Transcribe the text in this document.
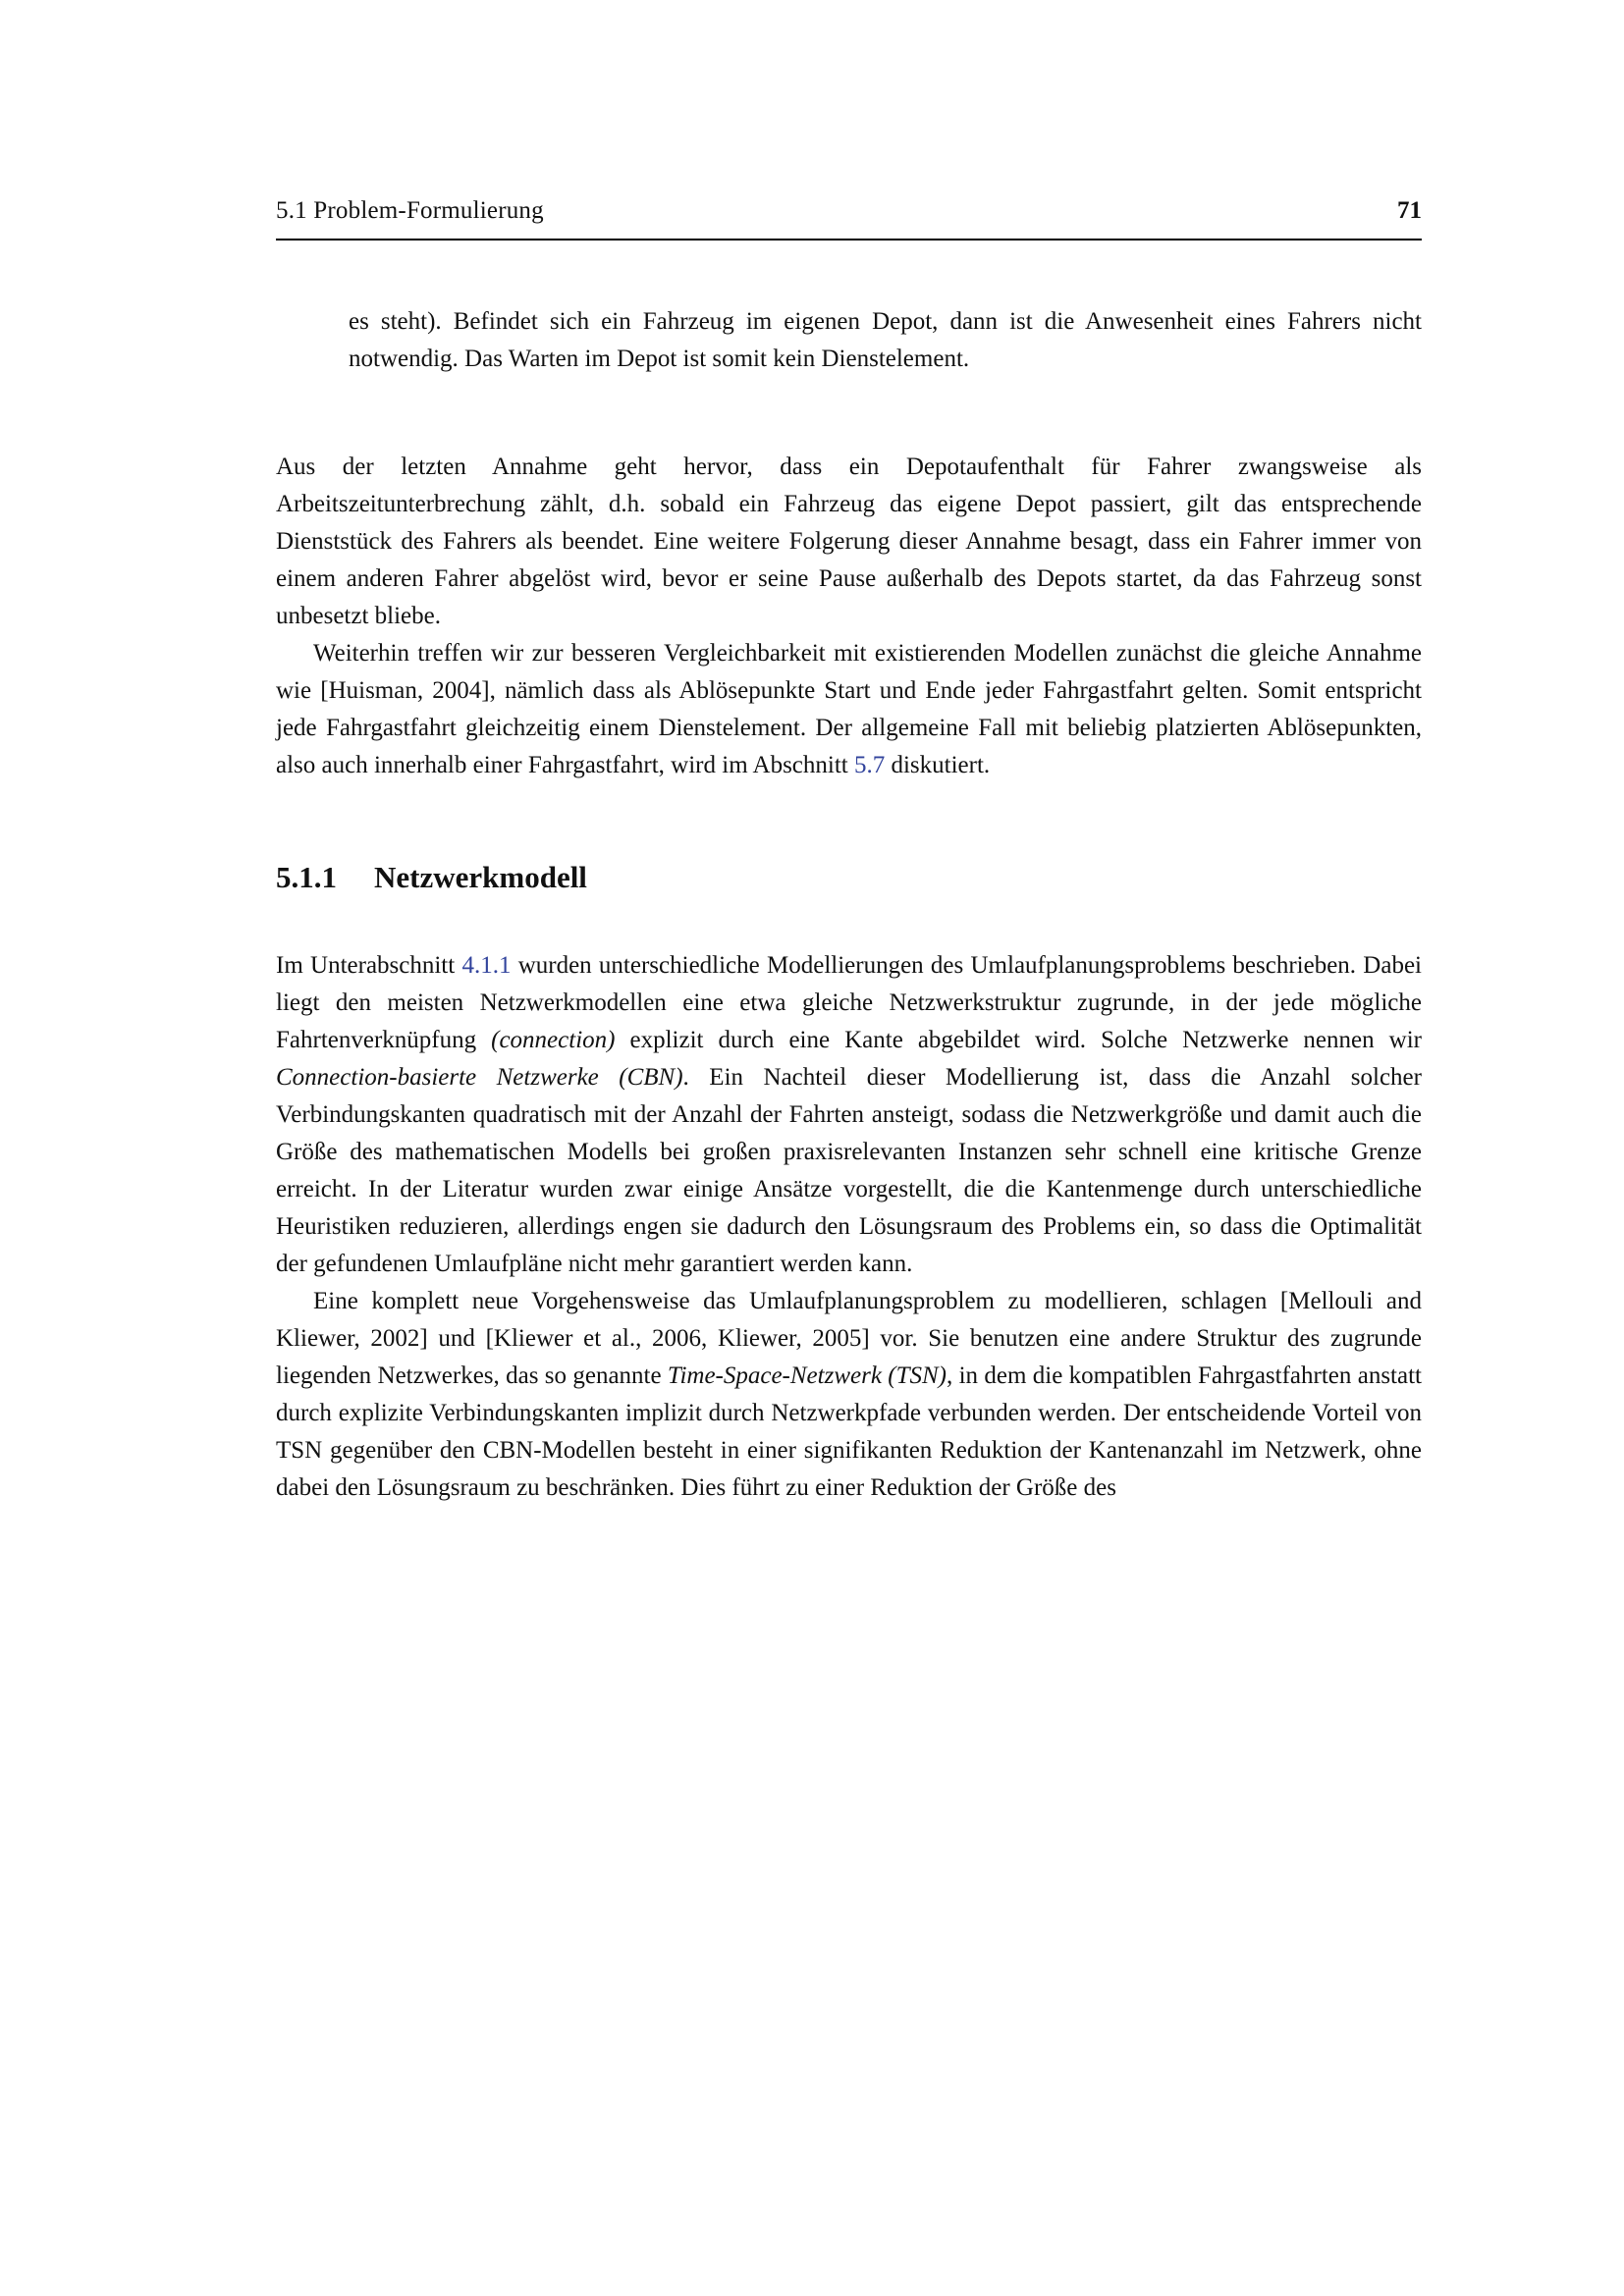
5.1 Problem-Formulierung	71

es steht). Befindet sich ein Fahrzeug im eigenen Depot, dann ist die Anwesenheit eines Fahrers nicht notwendig. Das Warten im Depot ist somit kein Dienstelement.

Aus der letzten Annahme geht hervor, dass ein Depotaufenthalt für Fahrer zwangsweise als Arbeitszeitunterbrechung zählt, d.h. sobald ein Fahrzeug das eigene Depot passiert, gilt das entsprechende Dienststück des Fahrers als beendet. Eine weitere Folgerung dieser Annahme besagt, dass ein Fahrer immer von einem anderen Fahrer abgelöst wird, bevor er seine Pause außerhalb des Depots startet, da das Fahrzeug sonst unbesetzt bliebe.

Weiterhin treffen wir zur besseren Vergleichbarkeit mit existierenden Modellen zunächst die gleiche Annahme wie [Huisman, 2004], nämlich dass als Ablösepunkte Start und Ende jeder Fahrgastfahrt gelten. Somit entspricht jede Fahrgastfahrt gleichzeitig einem Dienstelement. Der allgemeine Fall mit beliebig platzierten Ablösepunkten, also auch innerhalb einer Fahrgastfahrt, wird im Abschnitt 5.7 diskutiert.

5.1.1 Netzwerkmodell

Im Unterabschnitt 4.1.1 wurden unterschiedliche Modellierungen des Umlaufplanungsproblems beschrieben. Dabei liegt den meisten Netzwerkmodellen eine etwa gleiche Netzwerkstruktur zugrunde, in der jede mögliche Fahrtenverknüpfung (connection) explizit durch eine Kante abgebildet wird. Solche Netzwerke nennen wir Connection-basierte Netzwerke (CBN). Ein Nachteil dieser Modellierung ist, dass die Anzahl solcher Verbindungskanten quadratisch mit der Anzahl der Fahrten ansteigt, sodass die Netzwerkgröße und damit auch die Größe des mathematischen Modells bei großen praxisrelevanten Instanzen sehr schnell eine kritische Grenze erreicht. In der Literatur wurden zwar einige Ansätze vorgestellt, die die Kantenmenge durch unterschiedliche Heuristiken reduzieren, allerdings engen sie dadurch den Lösungsraum des Problems ein, so dass die Optimalität der gefundenen Umlaufpläne nicht mehr garantiert werden kann.

Eine komplett neue Vorgehensweise das Umlaufplanungsproblem zu modellieren, schlagen [Mellouli and Kliewer, 2002] und [Kliewer et al., 2006, Kliewer, 2005] vor. Sie benutzen eine andere Struktur des zugrunde liegenden Netzwerkes, das so genannte Time-Space-Netzwerk (TSN), in dem die kompatiblen Fahrgastfahrten anstatt durch explizite Verbindungskanten implizit durch Netzwerkpfade verbunden werden. Der entscheidende Vorteil von TSN gegenüber den CBN-Modellen besteht in einer signifikanten Reduktion der Kantenanzahl im Netzwerk, ohne dabei den Lösungsraum zu beschränken. Dies führt zu einer Reduktion der Größe des
